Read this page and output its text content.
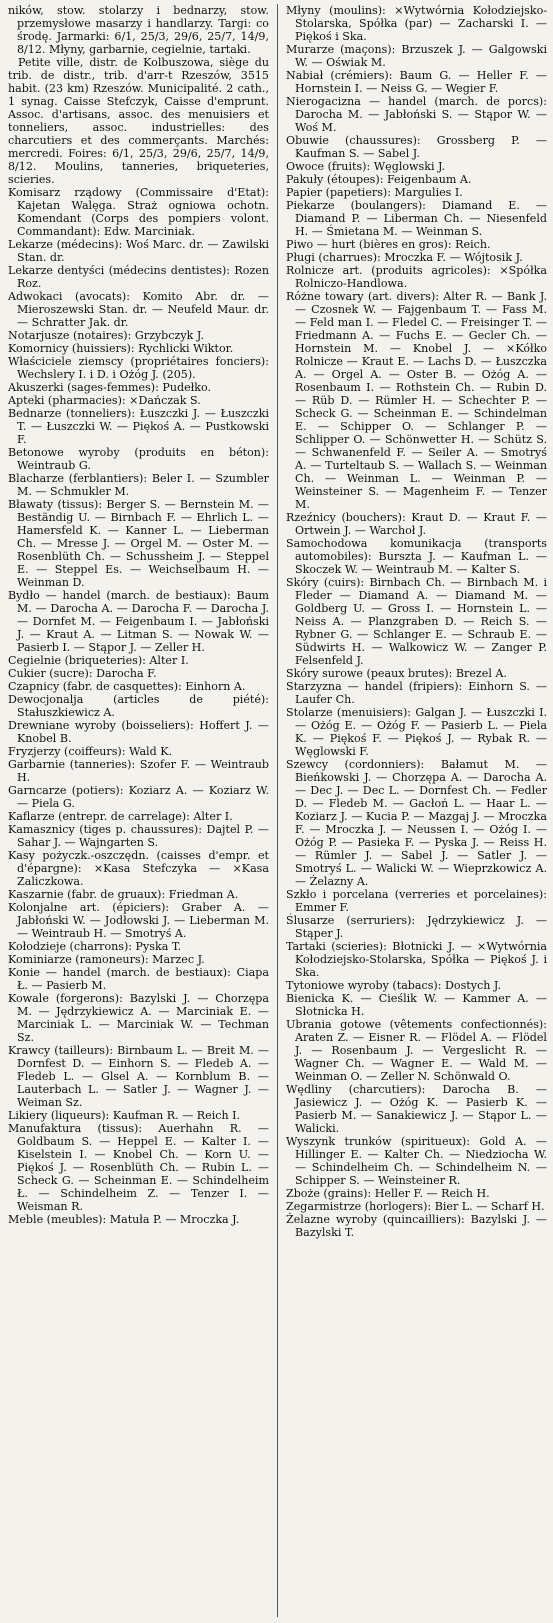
ników, stow. stolarzy i bednarzy, stow. przemysłowe masarzy i handlarzy. Targi: co środę. Jarmarki: 6/1, 25/3, 29/6, 25/7, 14/9, 8/12. Młyny, garbarnie, cegielnie, tartaki.

Petite ville, distr. de Kolbuszowa, siège du trib. de distr., trib. d'arr-t Rzeszów, 3515 habit. (23 km) Rzeszów. Municipalité. 2 cath., 1 synag. Caisse Stefczyk, Caisse d'emprunt. Assoc. d'artisans, assoc. des menuisiers et tonneliers, assoc. industrielles: des charcutiers et des commerçants. Marchés: mercredi. Foires: 6/1, 25/3, 29/6, 25/7, 14/9, 8/12. Moulins, tanneries, briqueteries, scieries.

Komisarz rządowy (Commissaire d'Etat): Kajetan Walęga. Straż ogniowa ochotn. Komendant (Corps des pompiers volont. Commandant): Edw. Marciniak.

Lekarze (médecins): Woś Marc. dr. — Zawilski Stan. dr.

Lekarze dentyści (médecins dentistes): Rozen Roz.

Adwokaci (avocats): Komito Abr. dr. — Mieroszewski Stan. dr. — Neufeld Maur. dr. — Schratter Jak. dr.

Notarjusze (notaires): Grzybczyk J.

Komornicy (huissiers): Rychlicki Wiktor.

Właściciele ziemscy (propriétaires fonciers): Wechslery I. i D. i Ożóg J. (205).

Akuszerki (sages-femmes): Pudełko.

Apteki (pharmacies): ×Dańczak S.

Bednarze (tonneliers): Łuszczki J. — Łuszczki T. — Łuszczki W. — Piękoś A. — Pustkowski F.

Betonowe wyroby (produits en béton): Weintraub G.

Blacharze (ferblantiers): Beler I. — Szumbler M. — Schmukler M.

Bławaty (tissus): Berger S. — Bernstein M. — Beständig U. — Birnbach F. — Ehrlich L. — Hamersfeld K. — Kanner L. — Lieberman Ch. — Mresse J. — Orgel M. — Oster M. — Rosenblüth Ch. — Schussheim J. — Steppel E. — Steppel Es. — Weichselbaum H. — Weinman D.

Bydło — handel (march. de bestiaux): Baum M. — Darocha A. — Darocha F. — Darocha J. — Dornfet M. — Feigenbaum I. — Jabłoński J. — Kraut A. — Litman S. — Nowak W. — Pasierb I. — Stąpor J. — Zeller H.

Cegielnie (briqueteries): Alter I.

Cukier (sucre): Darocha F.

Czapnicy (fabr. de casquettes): Einhorn A.

Dewocjonalja (articles de piété): Stałuszkiewicz A.

Drewniane wyroby (boisseliers): Hoffert J. — Knobel B.

Fryzjerzy (coiffeurs): Wald K.

Garbarnie (tanneries): Szofer F. — Weintraub H.

Garncarze (potiers): Koziarz A. — Koziarz W. — Piela G.

Kaflarze (entrepr. de carrelage): Alter I.

Kamasznicy (tiges p. chaussures): Dajtel P. — Sahar J. — Wajngarten S.

Kasy pożyczk.-oszczędn. (caisses d'empr. et d'épargne): ×Kasa Stefczyka — ×Kasa Zaliczkowa.

Kaszarnie (fabr. de gruaux): Friedman A.

Kolonjalne art. (épiciers): Graber A. — Jabłoński W. — Jodłowski J. — Lieberman M. — Weintraub H. — Smotryś A.

Kołodzieje (charrons): Pyska T.

Kominiarze (ramoneurs): Marzec J.

Konie — handel (march. de bestiaux): Ciapa Ł. — Pasierb M.

Kowale (forgerons): Bazylski J. — Chorzępa M. — Jędrzykiewicz A. — Marciniak E. — Marciniak L. — Marciniak W. — Techman Sz.

Krawcy (tailleurs): Birnbaum L. — Breit M. — Dornfest D. — Einhorn S. — Fledeb A. — Fledeb L. — Glsel A. — Kornblum B. — Lauterbach L. — Satler J. — Wagner J. — Weiman Sz.

Likiery (liqueurs): Kaufman R. — Reich I.

Manufaktura (tissus): Auerhahn R. — Goldbaum S. — Heppel E. — Kalter I. — Kiselstein I. — Knobel Ch. — Korn U. — Piękoś J. — Rosenblüth Ch. — Rubin L. — Scheck G. — Scheinman E. — Schindelheim Ł. — Schindelheim Z. — Tenzer I. — Weisman R.

Meble (meubles): Matuła P. — Mroczka J.

Młyny (moulins): ×Wytwórnia Kołodziejsko-Stolarska, Spółka (par) — Zacharski I. — Piękoś i Ska.

Murarze (maçons): Brzuszek J. — Galgowski W. — Oświak M.

Nabiał (crémiers): Baum G. — Heller F. — Hornstein I. — Neiss G. — Wegier F.

Nierogacizna — handel (march. de porcs): Darocha M. — Jabłoński S. — Stąpor W. — Woś M.

Obuwie (chaussures): Grossberg P. — Kaufman S. — Sabel J.

Owoce (fruits): Węglowski J.

Pakuły (étoupes): Feigenbaum A.

Papier (papetiers): Margulies I.

Piekarze (boulangers): Diamand E. — Diamand P. — Liberman Ch. — Niesenfeld H. — Śmietana M. — Weinman S.

Piwo — hurt (bières en gros): Reich.

Pługi (charrues): Mroczka F. — Wójtosik J.

Rolnicze art. (produits agricoles): ×Spółka Rolniczo-Handlowa.

Różne towary (art. divers): Alter R. — Bank J. — Czosnek W. — Fajgenbaum T. — Fass M. — Feld man I. — Fledel C. — Freisinger T. — Friedmann A. — Fuchs E. — Gecler Ch. — Hornstein M. — Knobel J. — ×Kółko Rolnicze — Kraut E. — Lachs D. — Łuszczka A. — Orgel A. — Oster B. — Ożóg A. — Rosenbaum I. — Rothstein Ch. — Rubin D. — Rüb D. — Rümler H. — Schechter P. — Scheck G. — Scheinman E. — Schindelman E. — Schipper O. — Schlanger P. — Schlipper O. — Schönwetter H. — Schütz S. — Schwanenfeld F. — Seiler A. — Smotryś A. — Turteltaub S. — Wallach S. — Weinman Ch. — Weinman L. — Weinman P. — Weinsteiner S. — Magenheim F. — Tenzer M.

Rzeźnicy (bouchers): Kraut D. — Kraut F. — Ortwein J. — Warchoł J.

Samochodowa komunikacja (transports automobiles): Burszta J. — Kaufman L. — Skoczek W. — Weintraub M. — Kalter S.

Skóry (cuirs): Birnbach Ch. — Birnbach M. i Fleder — Diamand A. — Diamand M. — Goldberg U. — Gross I. — Hornstein L. — Neiss A. — Planzgraben D. — Reich S. — Rybner G. — Schlanger E. — Schraub E. — Südwirts H. — Walkowicz W. — Zanger P. Felsenfeld J.

Skóry surowe (peaux brutes): Brezel A.

Starzyzna — handel (fripiers): Einhorn S. — Laufer Ch.

Stolarze (menuisiers): Galgan J. — Łuszczki I. — Ożóg E. — Ożóg F. — Pasierb L. — Piela K. — Piękoś F. — Piękoś J. — Rybak R. — Węglowski F.

Szewcy (cordonniers): Bałamut M. — Bieńkowski J. — Chorzępa A. — Darocha A. — Dec J. — Dec L. — Dornfest Ch. — Fedler D. — Fledeb M. — Gacłoń L. — Haar L. — Koziarz J. — Kucia P. — Mazgaj J. — Mroczka F. — Mroczka J. — Neussen I. — Ożóg I. — Ożóg P. — Pasieka F. — Pyska J. — Reiss H. — Rümler J. — Sabel J. — Satler J. — Smotryś L. — Walicki W. — Wieprzkowicz A. — Żelazny A.

Szkło i porcelana (verreries et porcelaines): Emmer F.

Ślusarze (serruriers): Jędrzykiewicz J. — Stąper J.

Tartaki (scieries): Błotnicki J. — ×Wytwórnia Kołodziejsko-Stolarska, Spółka — Piękoś J. i Ska.

Tytoniowe wyroby (tabacs): Dostych J.

Bienicka K. — Cieślik W. — Kammer A. — Słotnicka H.

Ubrania gotowe (vêtements confectionnés): Araten Z. — Eisner R. — Flödel A. — Flödel J. — Rosenbaum J. — Vergeslicht R. — Wagner Ch. — Wagner E. — Wald M. — Weinman O. — Zeller N. Schönwald O.

Wędliny (charcutiers): Darocha B. — Jasiewicz J. — Ożóg K. — Pasierb K. — Pasierb M. — Sanakiewicz J. — Stąpor L. — Walicki.

Wyszynk trunków (spiritueux): Gold A. — Hillinger E. — Kalter Ch. — Niedziocha W. — Schindelheim Ch. — Schindelheim N. — Schipper S. — Weinsteiner R.

Zboże (grains): Heller F. — Reich H.

Zegarmistrze (horlogers): Bier L. — Scharf H.

Żelazne wyroby (quincailliers): Bazylski J. — Bazylski T.
